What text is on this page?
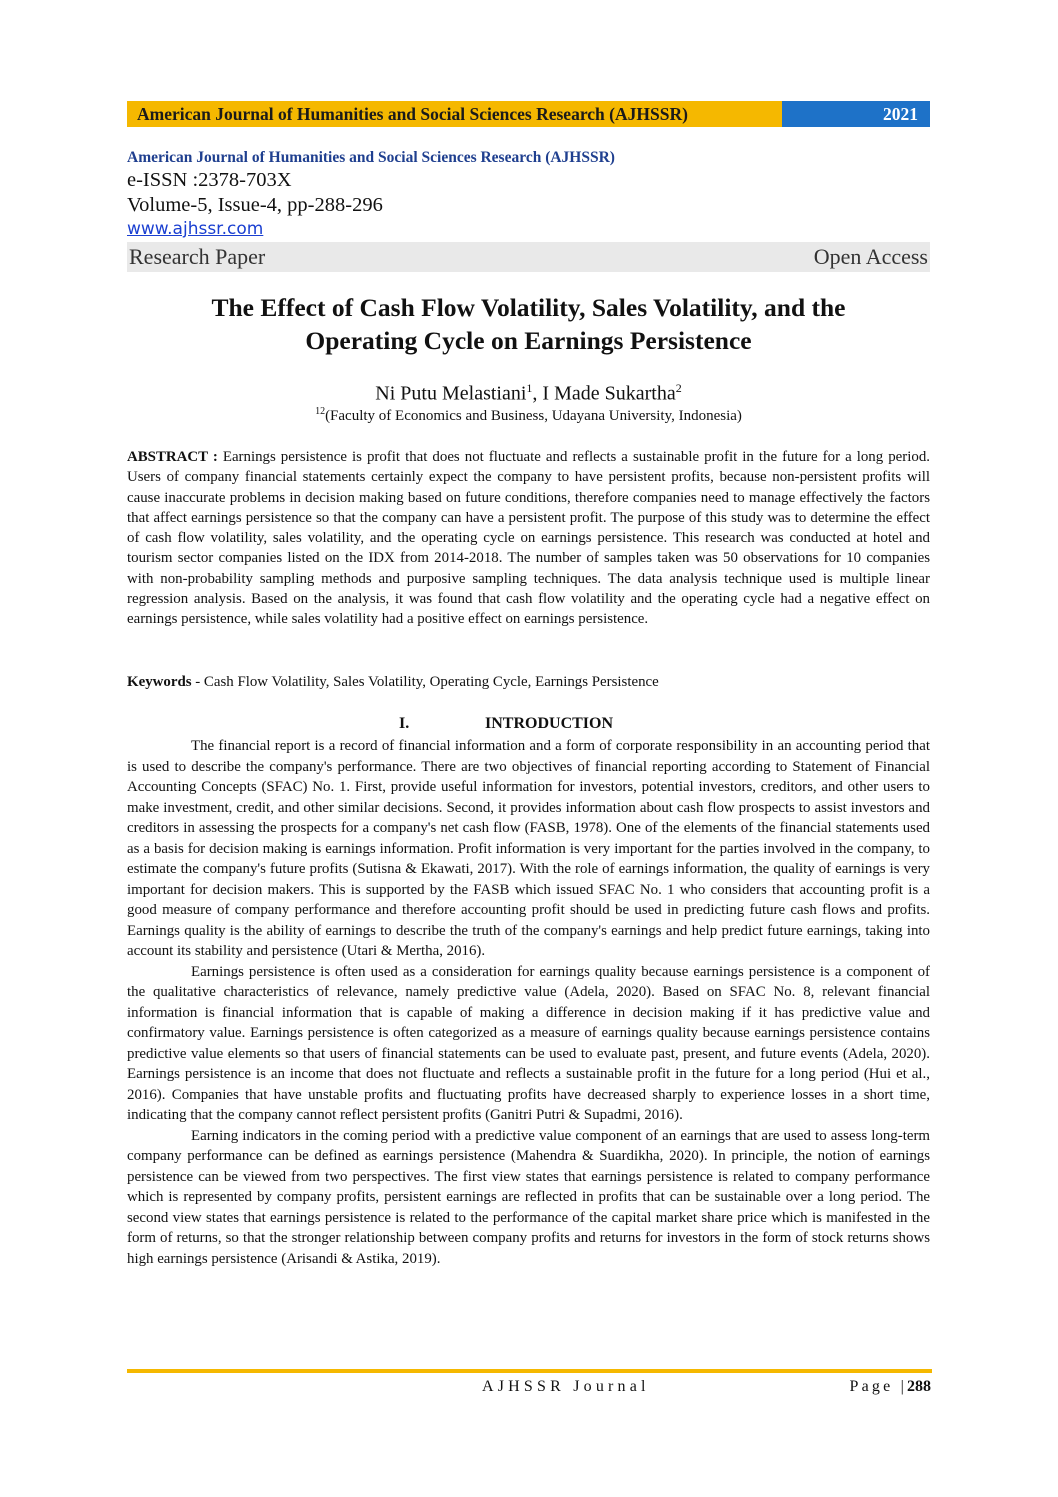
American Journal of Humanities and Social Sciences Research (AJHSSR)	2021
American Journal of Humanities and Social Sciences Research (AJHSSR)
e-ISSN :2378-703X
Volume-5, Issue-4, pp-288-296
www.ajhssr.com
Research Paper	Open Access
The Effect of Cash Flow Volatility, Sales Volatility, and the
Operating Cycle on Earnings Persistence
Ni Putu Melastiani$^1$, I Made Sukartha$^2$
$^{12}$(Faculty of Economics and Business, Udayana University, Indonesia)
ABSTRACT : Earnings persistence is profit that does not fluctuate and reflects a sustainable profit in the future for a long period. Users of company financial statements certainly expect the company to have persistent profits, because non-persistent profits will cause inaccurate problems in decision making based on future conditions, therefore companies need to manage effectively the factors that affect earnings persistence so that the company can have a persistent profit. The purpose of this study was to determine the effect of cash flow volatility, sales volatility, and the operating cycle on earnings persistence. This research was conducted at hotel and tourism sector companies listed on the IDX from 2014-2018. The number of samples taken was 50 observations for 10 companies with non-probability sampling methods and purposive sampling techniques. The data analysis technique used is multiple linear regression analysis. Based on the analysis, it was found that cash flow volatility and the operating cycle had a negative effect on earnings persistence, while sales volatility had a positive effect on earnings persistence.
Keywords - Cash Flow Volatility, Sales Volatility, Operating Cycle, Earnings Persistence
I.	INTRODUCTION

The financial report is a record of financial information and a form of corporate responsibility in an accounting period that is used to describe the company's performance. There are two objectives of financial reporting according to Statement of Financial Accounting Concepts (SFAC) No. 1. First, provide useful information for investors, potential investors, creditors, and other users to make investment, credit, and other similar decisions. Second, it provides information about cash flow prospects to assist investors and creditors in assessing the prospects for a company's net cash flow (FASB, 1978). One of the elements of the financial statements used as a basis for decision making is earnings information. Profit information is very important for the parties involved in the company, to estimate the company's future profits (Sutisna & Ekawati, 2017). With the role of earnings information, the quality of earnings is very important for decision makers. This is supported by the FASB which issued SFAC No. 1 who considers that accounting profit is a good measure of company performance and therefore accounting profit should be used in predicting future cash flows and profits. Earnings quality is the ability of earnings to describe the truth of the company's earnings and help predict future earnings, taking into account its stability and persistence (Utari & Mertha, 2016).

Earnings persistence is often used as a consideration for earnings quality because earnings persistence is a component of the qualitative characteristics of relevance, namely predictive value (Adela, 2020). Based on SFAC No. 8, relevant financial information is financial information that is capable of making a difference in decision making if it has predictive value and confirmatory value. Earnings persistence is often categorized as a measure of earnings quality because earnings persistence contains predictive value elements so that users of financial statements can be used to evaluate past, present, and future events (Adela, 2020). Earnings persistence is an income that does not fluctuate and reflects a sustainable profit in the future for a long period (Hui et al., 2016). Companies that have unstable profits and fluctuating profits have decreased sharply to experience losses in a short time, indicating that the company cannot reflect persistent profits (Ganitri Putri & Supadmi, 2016).

Earning indicators in the coming period with a predictive value component of an earnings that are used to assess long-term company performance can be defined as earnings persistence (Mahendra & Suardikha, 2020). In principle, the notion of earnings persistence can be viewed from two perspectives. The first view states that earnings persistence is related to company performance which is represented by company profits, persistent earnings are reflected in profits that can be sustainable over a long period. The second view states that earnings persistence is related to the performance of the capital market share price which is manifested in the form of returns, so that the stronger relationship between company profits and returns for investors in the form of stock returns shows high earnings persistence (Arisandi & Astika, 2019).

AJHSSR Journal	Page |288
